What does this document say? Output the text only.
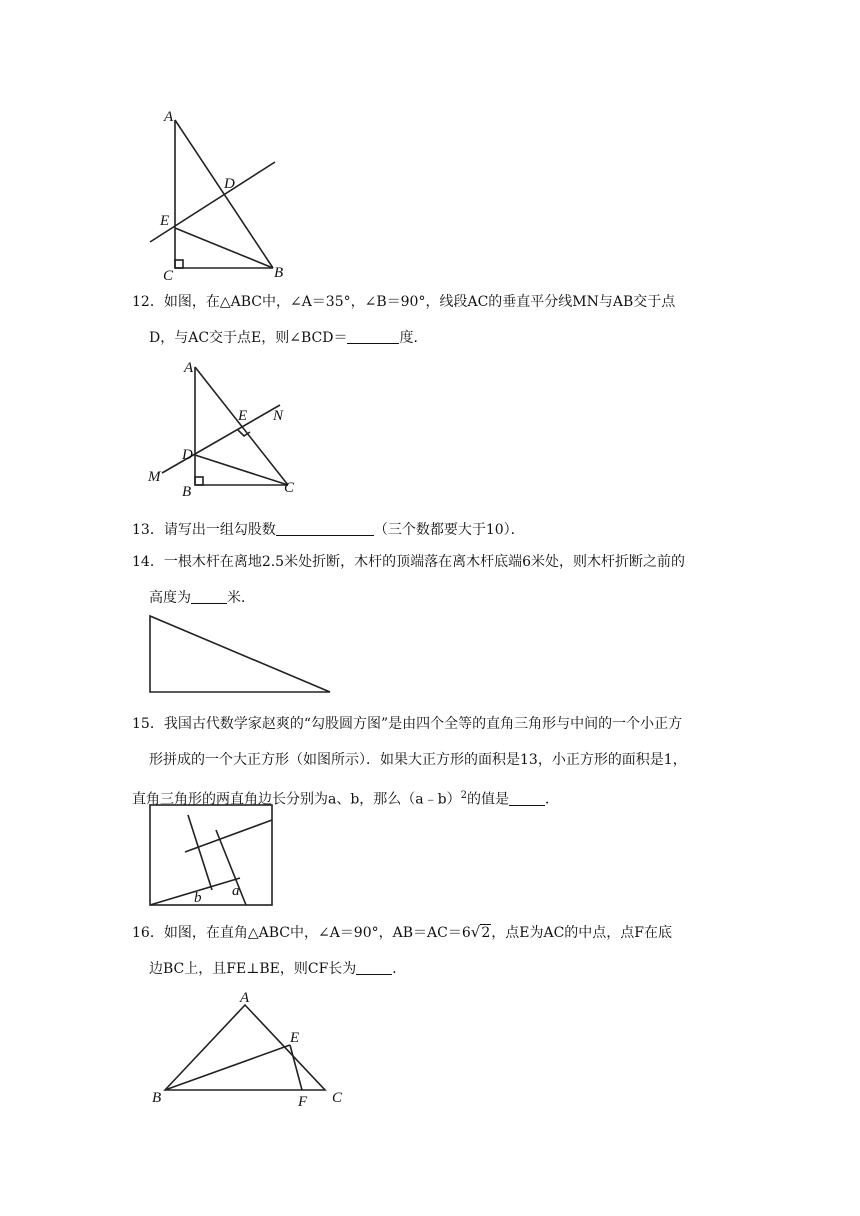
A
D
E
C	B

12．如图，在△ABC中，∠A＝35°，∠B＝90°，线段AC的垂直平分线MN与AB交于点

D，与AC交于点E，则∠BCD＝	度．

A
E N
D
M
B	C

13．请写出一组勾股数	（三个数都要大于10）．

14．一根木杆在离地2.5米处折断，木杆的顶端落在离木杆底端6米处，则木杆折断之前的

高度为	米．

15．我国古代数学家赵爽的“勾股圆方图”是由四个全等的直角三角形与中间的一个小正方

形拼成的一个大正方形（如图所示）．如果大正方形的面积是13，小正方形的面积是1，

直角三角形的两直角边长分别为a、b，那么（a﹣b）$^2$的值是	．

b a

16．如图，在直角△ABC中，∠A＝90°，AB＝AC＝6√2，点E为AC的中点，点F在底

边BC上，且FE⊥BE，则CF长为	．

A
E
B	F C
